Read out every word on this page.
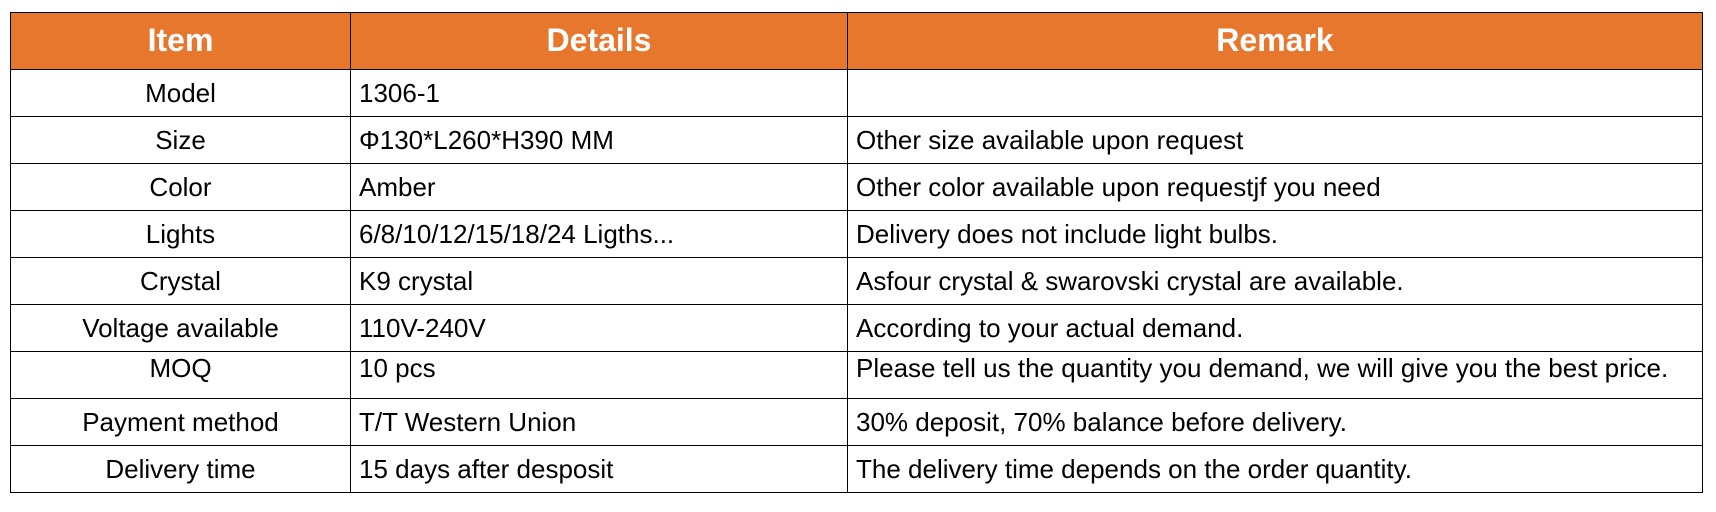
Item	Details	Remark
Model	1306-1	
Size	Φ130*L260*H390 MM	Other size available upon request
Color	Amber	Other color available upon requestjf you need
Lights	6/8/10/12/15/18/24 Ligths...	Delivery does not include light bulbs.
Crystal	K9 crystal	Asfour crystal & swarovski crystal are available.
Voltage available	110V-240V	According to your actual demand.
MOQ	10 pcs	Please tell us the quantity you demand, we will give you the best price.
Payment method	T/T Western Union	30% deposit, 70% balance before delivery.
Delivery time	15 days after desposit	The delivery time depends on the order quantity.
